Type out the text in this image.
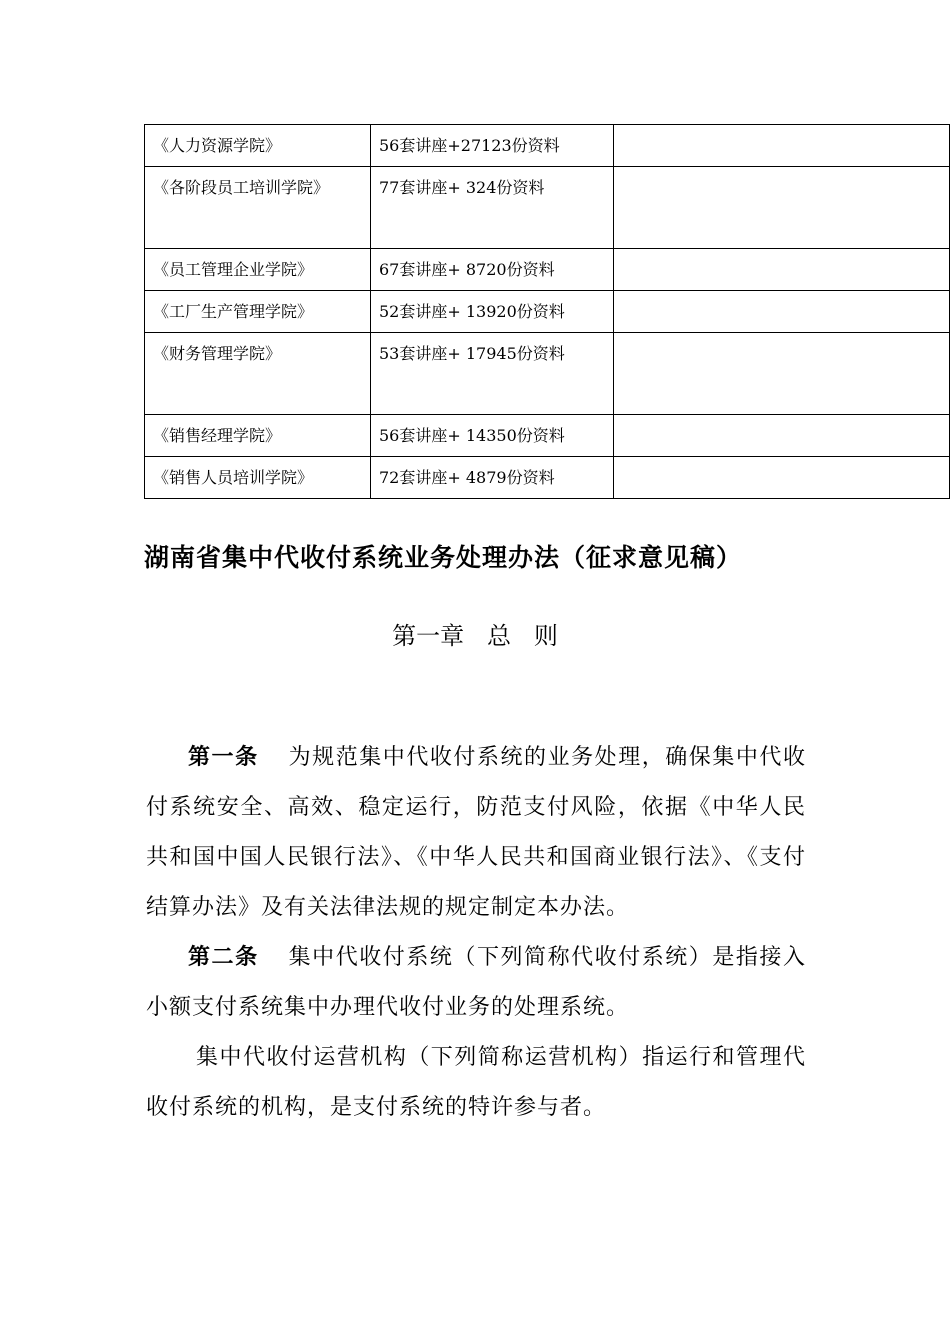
《人力资源学院》	56套讲座+27123份资料	
《各阶段员工培训学院》	77套讲座+ 324份资料	
《员工管理企业学院》	67套讲座+ 8720份资料	
《工厂生产管理学院》	52套讲座+ 13920份资料	
《财务管理学院》	53套讲座+ 17945份资料	
《销售经理学院》	56套讲座+ 14350份资料	
《销售人员培训学院》	72套讲座+ 4879份资料	
湖南省集中代收付系统业务处理办法（征求意见稿）
第一章   总   则

第一条 为规范集中代收付系统的业务处理，确保集中代收付系统安全、高效、稳定运行，防范支付风险，依据《中华人民共和国中国人民银行法》、《中华人民共和国商业银行法》、《支付结算办法》及有关法律法规的规定制定本办法。

第二条 集中代收付系统（下列简称代收付系统）是指接入小额支付系统集中办理代收付业务的处理系统。

集中代收付运营机构（下列简称运营机构）指运行和管理代收付系统的机构，是支付系统的特许参与者。
